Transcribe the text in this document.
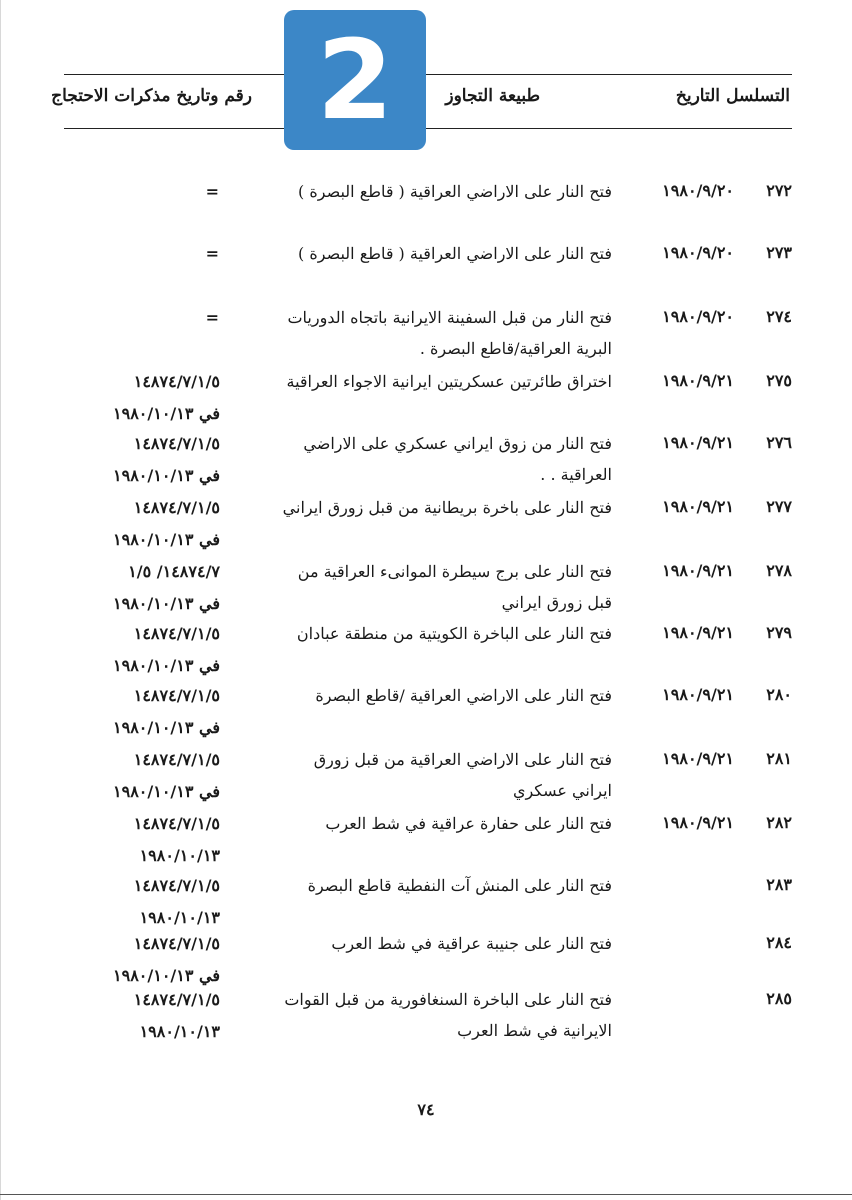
التسلسل
التاريخ
طبيعة التجاوز
رقم وتاريخ مذكرات الاحتجاج 2
٢٧٢
١٩٨٠/٩/٢٠
فتح النار على الاراضي العراقية ( قاطع البصرة )
=
٢٧٣
١٩٨٠/٩/٢٠
فتح النار على الاراضي العراقية ( قاطع البصرة )
=
٢٧٤
١٩٨٠/٩/٢٠
فتح النار من قبل السفينة الايرانية باتجاه الدوريات البرية العراقية/قاطع البصرة .
=
٢٧٥
١٩٨٠/٩/٢١
اختراق طائرتين عسكريتين ايرانية الاجواء العراقية
١٤٨٧٤/٧/١/٥
في ١٩٨٠/١٠/١٣
٢٧٦
١٩٨٠/٩/٢١
فتح النار من زوق ايراني عسكري على الاراضي العراقية . .
١٤٨٧٤/٧/١/٥
في ١٩٨٠/١٠/١٣
٢٧٧
١٩٨٠/٩/٢١
فتح النار على باخرة بريطانية من قبل زورق ايراني
١٤٨٧٤/٧/١/٥
في ١٩٨٠/١٠/١٣
٢٧٨
١٩٨٠/٩/٢١
فتح النار على برج سيطرة الموانىء العراقية من قبل زورق ايراني
١٤٨٧٤/٧/ ١/٥
في ١٩٨٠/١٠/١٣
٢٧٩
١٩٨٠/٩/٢١
فتح النار على الباخرة الكويتية من منطقة عبادان
١٤٨٧٤/٧/١/٥
في ١٩٨٠/١٠/١٣
٢٨٠
١٩٨٠/٩/٢١
فتح النار على الاراضي العراقية /قاطع البصرة
١٤٨٧٤/٧/١/٥
في ١٩٨٠/١٠/١٣
٢٨١
١٩٨٠/٩/٢١
فتح النار على الاراضي العراقية من قبل زورق ايراني عسكري
١٤٨٧٤/٧/١/٥
في ١٩٨٠/١٠/١٣
٢٨٢
١٩٨٠/٩/٢١
فتح النار على حفارة عراقية في شط العرب
١٤٨٧٤/٧/١/٥
١٩٨٠/١٠/١٣
٢٨٣
فتح النار على المنش آت النفطية قاطع البصرة
١٤٨٧٤/٧/١/٥
١٩٨٠/١٠/١٣
٢٨٤
فتح النار على جنيبة عراقية في شط العرب
١٤٨٧٤/٧/١/٥
في ١٩٨٠/١٠/١٣
٢٨٥
فتح النار على الباخرة السنغافورية من قبل القوات الايرانية في شط العرب
١٤٨٧٤/٧/١/٥
١٩٨٠/١٠/١٣
٧٤
